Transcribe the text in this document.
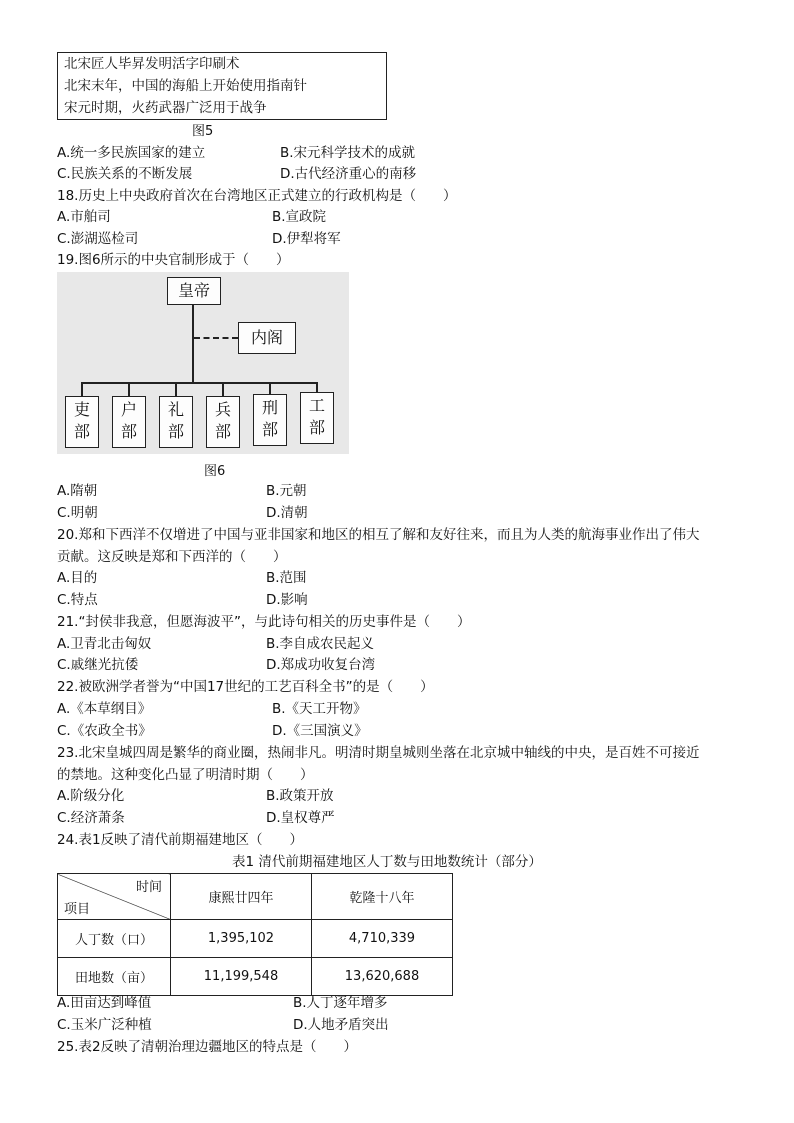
北宋匠人毕昇发明活字印刷术
北宋末年，中国的海船上开始使用指南针
宋元时期，火药武器广泛用于战争
图5
A.统一多民族国家的建立	B.宋元科学技术的成就
C.民族关系的不断发展	D.古代经济重心的南移
18.历史上中央政府首次在台湾地区正式建立的行政机构是（　　）
A.市舶司	B.宣政院
C.澎湖巡检司	D.伊犁将军
19.图6所示的中央官制形成于（　　）
皇帝
内阁
吏
部
户
部
礼
部
兵
部
刑
部
工
部
图6
A.隋朝	B.元朝
C.明朝	D.清朝
20.郑和下西洋不仅增进了中国与亚非国家和地区的相互了解和友好往来，而且为人类的航海事业作出了伟大
贡献。这反映是郑和下西洋的（　　）
A.目的	B.范围
C.特点	D.影响
21.“封侯非我意，但愿海波平”，与此诗句相关的历史事件是（　　）
A.卫青北击匈奴	B.李自成农民起义
C.戚继光抗倭	D.郑成功收复台湾
22.被欧洲学者誉为“中国17世纪的工艺百科全书”的是（　　）
A.《本草纲目》	B.《天工开物》
C.《农政全书》	D.《三国演义》
23.北宋皇城四周是繁华的商业圈，热闹非凡。明清时期皇城则坐落在北京城中轴线的中央，是百姓不可接近
的禁地。这种变化凸显了明清时期（　　）
A.阶级分化	B.政策开放
C.经济萧条	D.皇权尊严
24.表1反映了清代前期福建地区（　　）
表1 清代前期福建地区人丁数与田地数统计（部分）
时间
项目	康熙廿四年	乾隆十八年
人丁数（口）	1,395,102	4,710,339
田地数（亩）	11,199,548	13,620,688
A.田亩达到峰值	B.人丁逐年增多
C.玉米广泛种植	D.人地矛盾突出
25.表2反映了清朝治理边疆地区的特点是（　　）
